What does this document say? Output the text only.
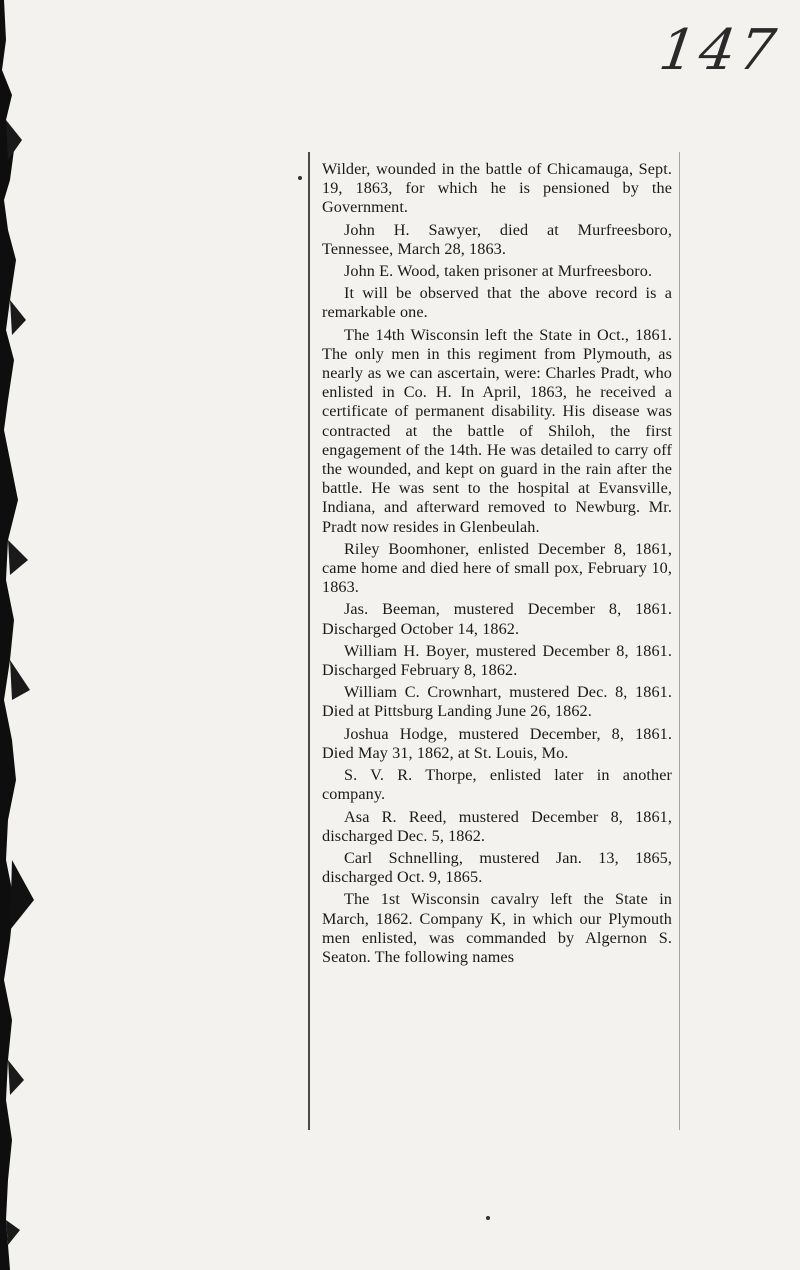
147

Wilder, wounded in the battle of Chicamauga, Sept. 19, 1863, for which he is pensioned by the Government.

John H. Sawyer, died at Murfreesboro, Tennessee, March 28, 1863.

John E. Wood, taken prisoner at Murfreesboro.

It will be observed that the above record is a remarkable one.

The 14th Wisconsin left the State in Oct., 1861. The only men in this regiment from Plymouth, as nearly as we can ascertain, were: Charles Pradt, who enlisted in Co. H. In April, 1863, he received a certificate of permanent disability. His disease was contracted at the battle of Shiloh, the first engagement of the 14th. He was detailed to carry off the wounded, and kept on guard in the rain after the battle. He was sent to the hospital at Evansville, Indiana, and afterward removed to Newburg. Mr. Pradt now resides in Glenbeulah.

Riley Boomhoner, enlisted December 8, 1861, came home and died here of small pox, February 10, 1863.

Jas. Beeman, mustered December 8, 1861. Discharged October 14, 1862.

William H. Boyer, mustered December 8, 1861. Discharged February 8, 1862.

William C. Crownhart, mustered Dec. 8, 1861. Died at Pittsburg Landing June 26, 1862.

Joshua Hodge, mustered December, 8, 1861. Died May 31, 1862, at St. Louis, Mo.

S. V. R. Thorpe, enlisted later in another company.

Asa R. Reed, mustered December 8, 1861, discharged Dec. 5, 1862.

Carl Schnelling, mustered Jan. 13, 1865, discharged Oct. 9, 1865.

The 1st Wisconsin cavalry left the State in March, 1862. Company K, in which our Plymouth men enlisted, was commanded by Algernon S. Seaton. The following names
